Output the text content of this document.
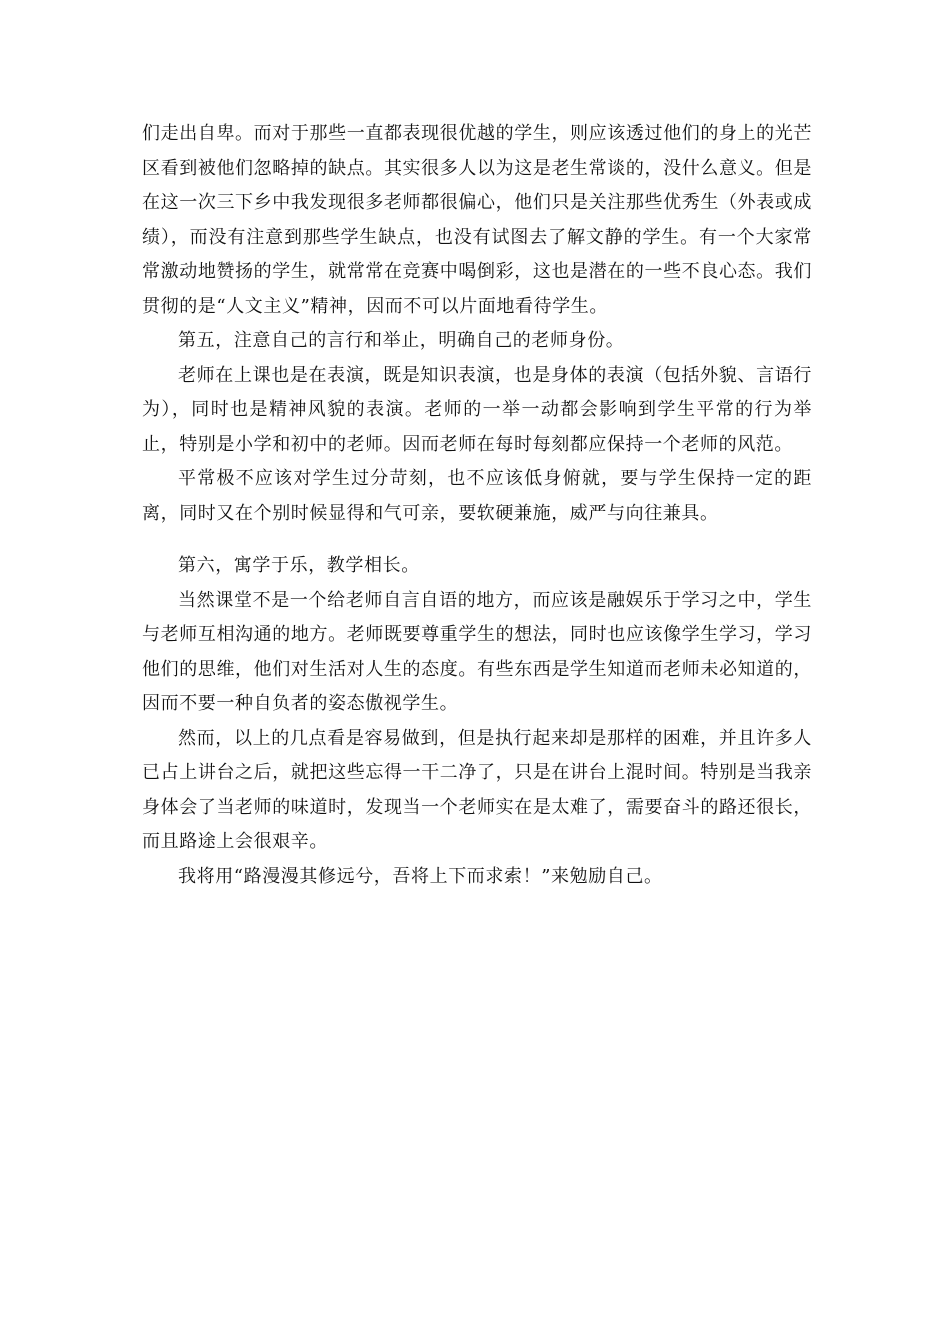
们走出自卑。而对于那些一直都表现很优越的学生，则应该透过他们的身上的光芒区看到被他们忽略掉的缺点。其实很多人以为这是老生常谈的，没什么意义。但是在这一次三下乡中我发现很多老师都很偏心，他们只是关注那些优秀生（外表或成绩），而没有注意到那些学生缺点，也没有试图去了解文静的学生。有一个大家常常激动地赞扬的学生，就常常在竞赛中喝倒彩，这也是潜在的一些不良心态。我们贯彻的是“人文主义”精神，因而不可以片面地看待学生。

第五，注意自己的言行和举止，明确自己的老师身份。

老师在上课也是在表演，既是知识表演，也是身体的表演（包括外貌、言语行为），同时也是精神风貌的表演。老师的一举一动都会影响到学生平常的行为举止，特别是小学和初中的老师。因而老师在每时每刻都应保持一个老师的风范。

平常极不应该对学生过分苛刻，也不应该低身俯就，要与学生保持一定的距离，同时又在个别时候显得和气可亲，要软硬兼施，威严与向往兼具。

第六，寓学于乐，教学相长。

当然课堂不是一个给老师自言自语的地方，而应该是融娱乐于学习之中，学生与老师互相沟通的地方。老师既要尊重学生的想法，同时也应该像学生学习，学习他们的思维，他们对生活对人生的态度。有些东西是学生知道而老师未必知道的，因而不要一种自负者的姿态傲视学生。

然而，以上的几点看是容易做到，但是执行起来却是那样的困难，并且许多人已占上讲台之后，就把这些忘得一干二净了，只是在讲台上混时间。特别是当我亲身体会了当老师的味道时，发现当一个老师实在是太难了，需要奋斗的路还很长，而且路途上会很艰辛。

我将用“路漫漫其修远兮，吾将上下而求索！”来勉励自己。
